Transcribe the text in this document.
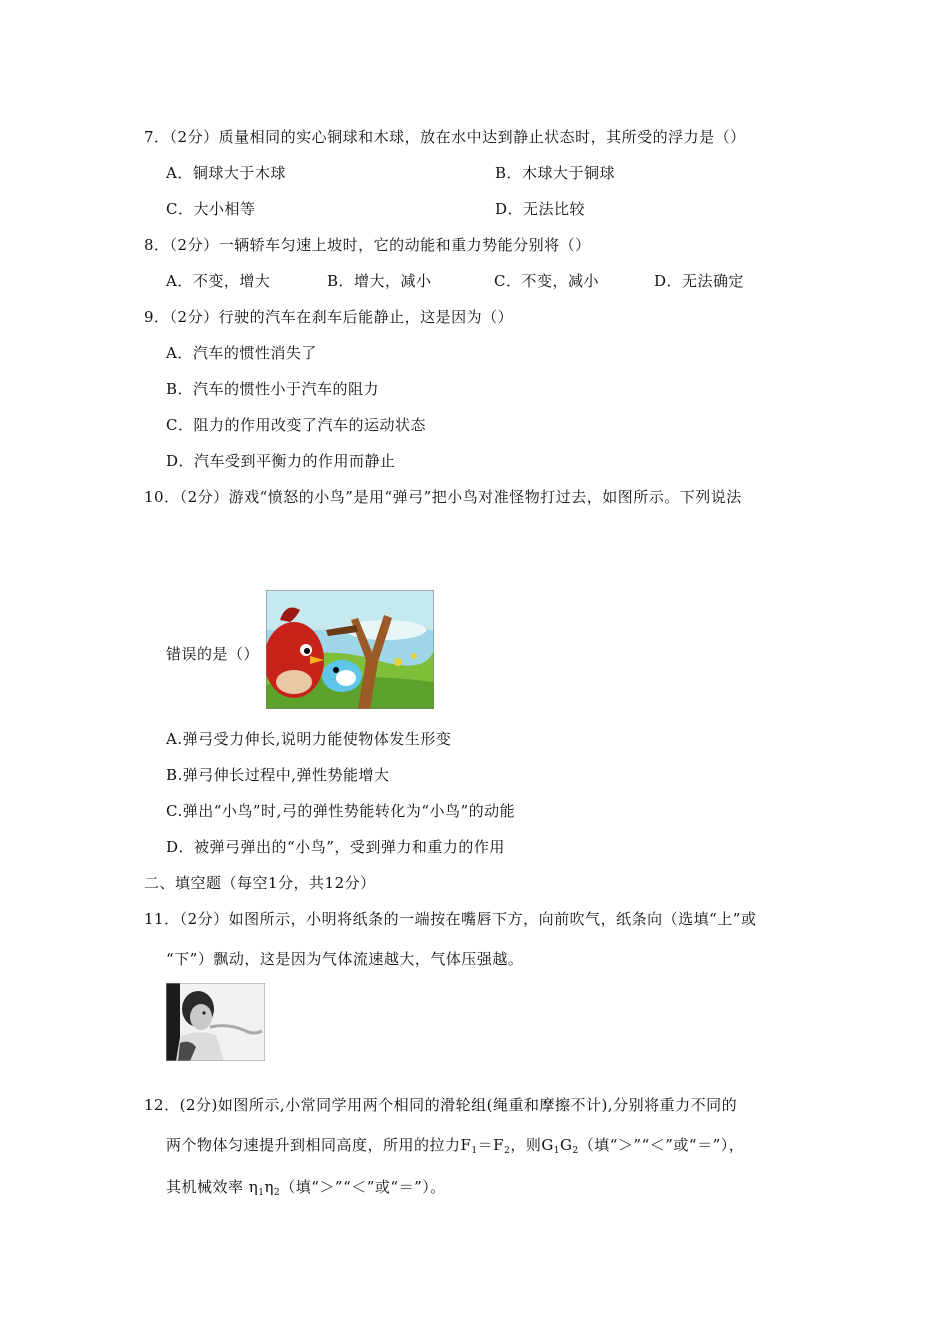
7．（2分）质量相同的实心铜球和木球，放在水中达到静止状态时，其所受的浮力是（）
A．铜球大于木球	B．木球大于铜球
C．大小相等	D．无法比较
8．（2分）一辆轿车匀速上坡时，它的动能和重力势能分别将（）
A．不变，增大	B．增大，减小	C．不变，减小	D．无法确定
9．（2分）行驶的汽车在刹车后能静止，这是因为（）
A．汽车的惯性消失了
B．汽车的惯性小于汽车的阻力
C．阻力的作用改变了汽车的运动状态
D．汽车受到平衡力的作用而静止
10．（2分）游戏“愤怒的小鸟”是用“弹弓”把小鸟对准怪物打过去，如图所示。下列说法
错误的是（）
A.弹弓受力伸长,说明力能使物体发生形变
B.弹弓伸长过程中,弹性势能增大
C.弹出“小鸟”时,弓的弹性势能转化为“小鸟”的动能
D．被弹弓弹出的“小鸟”，受到弹力和重力的作用
二、填空题（每空1分，共12分）
11．（2分）如图所示，小明将纸条的一端按在嘴唇下方，向前吹气，纸条向（选填“上”或
“下”）飘动，这是因为气体流速越大，气体压强越。
12．(2分)如图所示,小常同学用两个相同的滑轮组(绳重和摩擦不计),分别将重力不同的
两个物体匀速提升到相同高度，所用的拉力$F_1=F_2$，则$G_1G_2$（填“＞”“＜”或“＝”），
其机械效率 $\eta_1\eta_2$（填“＞”“＜”或“＝”）。
